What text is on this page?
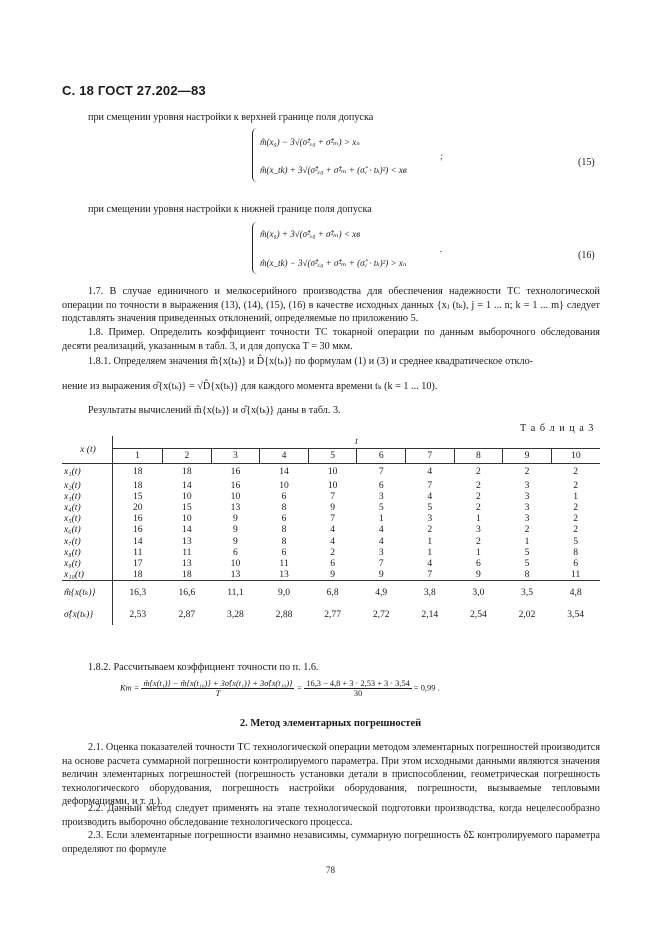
С. 18 ГОСТ 27.202—83
при смещении уровня настройки к верхней границе поля допуска
m̂(x₀) − 3√(σ̂²ₓ₀ + σ̂²ₘ) > xₙ
m̂(x_tk) + 3√(σ̂²ₓ₀ + σ̂²ₘ + (σ̂ᵥ · tₖ)²) < xв
;
(15)
при смещении уровня настройки к нижней границе поля допуска
m̂(x₀) + 3√(σ̂²ₓ₀ + σ̂²ₘ) < xв
m̂(x_tk) − 3√(σ̂²ₓ₀ + σ̂²ₘ + (σ̂ᵥ · tₖ)²) > xₙ
.
(16)
1.7. В случае единичного и мелкосерийного производства для обеспечения надежности ТС технологической операции по точности в выражения (13), (14), (15), (16) в качестве исходных данных {xⱼ (tₖ), j = 1 ... n; k = 1 ... m} следует подставлять значения приведенных отклонений, определяемые по приложению 5.
1.8. Пример. Определить коэффициент точности ТС токарной операции по данным выборочного обследования десяти реализаций, указанным в табл. 3, и для допуска T = 30 мкм.
1.8.1. Определяем значения m̂{x(tₖ)} и D̂{x(tₖ)} по формулам (1) и (3) и среднее квадратическое откло-
нение из выражения σ̂{x(tₖ)} = √D̂{x(tₖ)} для каждого момента времени tₖ (k = 1 ... 10).
Результаты вычислений m̂{x(tₖ)} и σ̂{x(tₖ)} даны в табл. 3.
Т а б л и ц а 3
x (t)	t									
	1	2	3	4	5	6	7	8	9	10
x₁(t)	18	18	16	14	10	7	4	2	2	2
x₂(t)	18	14	16	10	10	6	7	2	3	2
x₃(t)	15	10	10	6	7	3	4	2	3	1
x₄(t)	20	15	13	8	9	5	5	2	3	2
x₅(t)	16	10	9	6	7	1	3	1	3	2
x₆(t)	16	14	9	8	4	4	2	3	2	2
x₇(t)	14	13	9	8	4	4	1	2	1	5
x₈(t)	11	11	6	6	2	3	1	1	5	8
x₉(t)	17	13	10	11	6	7	4	6	5	6
x₁₀(t)	18	18	13	13	9	9	7	9	8	11
m̂{x(tₖ)}	16,3	16,6	11,1	9,0	6,8	4,9	3,8	3,0	3,5	4,8
σ̂{x(tₖ)}	2,53	2,87	3,28	2,88	2,77	2,72	2,14	2,54	2,02	3,54
1.8.2. Рассчитываем коэффициент точности по п. 1.6.
Kт = $\frac{\text{m̂\{x(t₁)\} − m̂\{x(t₁₀)\} + 3σ̂\{x(t₁)\} + 3σ̂\{x(t₁₀)\}}}{T} = \frac{16,3 - 4,8 + 3 \cdot 2,53 + 3 \cdot 3,54}{30} = 0,99$ .
2. Метод элементарных погрешностей
2.1. Оценка показателей точности ТС технологической операции методом элементарных погрешностей производится на основе расчета суммарной погрешности контролируемого параметра. При этом исходными данными являются значения величин элементарных погрешностей (погрешность установки детали в приспособлении, геометрическая погрешность технологического оборудования, погрешность настройки оборудования, погрешности, вызываемые тепловыми деформациями, и т. д.).
2.2. Данный метод следует применять на этапе технологической подготовки производства, когда нецелесообразно производить выборочно обследование технологического процесса.
2.3. Если элементарные погрешности взаимно независимы, суммарную погрешность δΣ контролируемого параметра определяют по формуле
78
